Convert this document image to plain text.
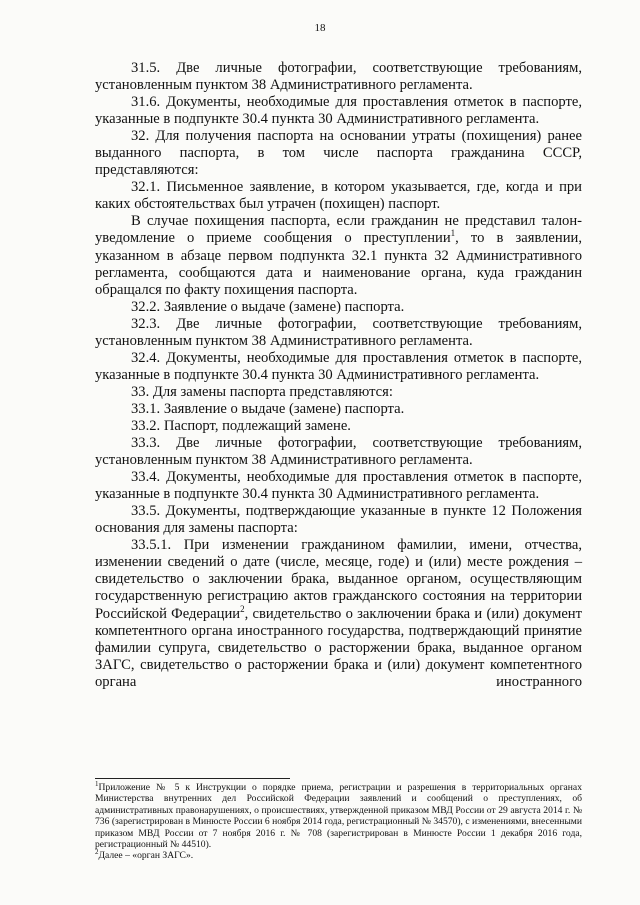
18

31.5. Две личные фотографии, соответствующие требованиям, установленным пунктом 38 Административного регламента.

31.6. Документы, необходимые для проставления отметок в паспорте, указанные в подпункте 30.4 пункта 30 Административного регламента.

32. Для получения паспорта на основании утраты (похищения) ранее выданного паспорта, в том числе паспорта гражданина СССР, представляются:

32.1. Письменное заявление, в котором указывается, где, когда и при каких обстоятельствах был утрачен (похищен) паспорт.

В случае похищения паспорта, если гражданин не представил талон-уведомление о приеме сообщения о преступлении$^1$, то в заявлении, указанном в абзаце первом подпункта 32.1 пункта 32 Административного регламента, сообщаются дата и наименование органа, куда гражданин обращался по факту похищения паспорта.

32.2. Заявление о выдаче (замене) паспорта.

32.3. Две личные фотографии, соответствующие требованиям, установленным пунктом 38 Административного регламента.

32.4. Документы, необходимые для проставления отметок в паспорте, указанные в подпункте 30.4 пункта 30 Административного регламента.

33. Для замены паспорта представляются:

33.1. Заявление о выдаче (замене) паспорта.

33.2. Паспорт, подлежащий замене.

33.3. Две личные фотографии, соответствующие требованиям, установленным пунктом 38 Административного регламента.

33.4. Документы, необходимые для проставления отметок в паспорте, указанные в подпункте 30.4 пункта 30 Административного регламента.

33.5. Документы, подтверждающие указанные в пункте 12 Положения основания для замены паспорта:

33.5.1. При изменении гражданином фамилии, имени, отчества, изменении сведений о дате (числе, месяце, годе) и (или) месте рождения – свидетельство о заключении брака, выданное органом, осуществляющим государственную регистрацию актов гражданского состояния на территории Российской Федерации$^2$, свидетельство о заключении брака и (или) документ компетентного органа иностранного государства, подтверждающий принятие фамилии супруга, свидетельство о расторжении брака, выданное органом ЗАГС, свидетельство о расторжении брака и (или) документ компетентного органа иностранного

$^1$Приложение № 5 к Инструкции о порядке приема, регистрации и разрешения в территориальных органах Министерства внутренних дел Российской Федерации заявлений и сообщений о преступлениях, об административных правонарушениях, о происшествиях, утвержденной приказом МВД России от 29 августа 2014 г. № 736 (зарегистрирован в Минюсте России 6 ноября 2014 года, регистрационный № 34570), с изменениями, внесенными приказом МВД России от 7 ноября 2016 г. № 708 (зарегистрирован в Минюсте России 1 декабря 2016 года, регистрационный № 44510).

$^2$Далее – «орган ЗАГС».
